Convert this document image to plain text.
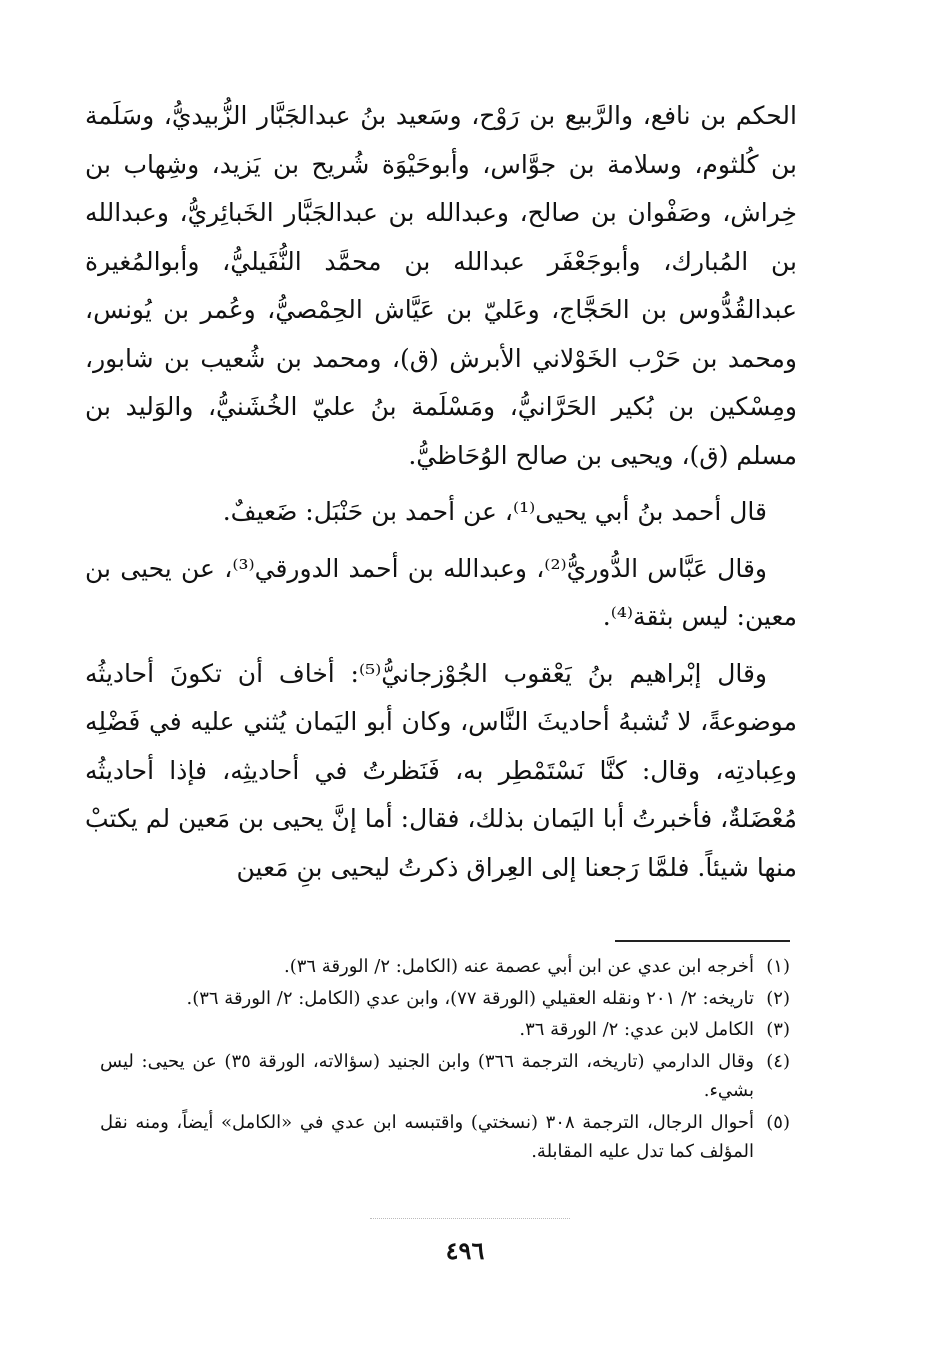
الحكم بن نافع، والرَّبيع بن رَوْح، وسَعيد بنُ عبدالجَبَّار الزُّبيديُّ، وسَلَمة بن كُلثوم، وسلامة بن جوَّاس، وأبوحَيْوَة شُريح بن يَزيد، وشِهاب بن خِراش، وصَفْوان بن صالح، وعبدالله بن عبدالجَبَّار الخَبائِريُّ، وعبدالله بن المُبارك، وأبوجَعْفَر عبدالله بن محمَّد النُّفَيليُّ، وأبوالمُغيرة عبدالقُدُّوس بن الحَجَّاج، وعَليّ بن عَيَّاش الحِمْصيُّ، وعُمر بن يُونس، ومحمد بن حَرْب الخَوْلاني الأبرش (ق)، ومحمد بن شُعيب بن شابور، ومِسْكين بن بُكير الحَرَّانيُّ، ومَسْلَمة بنُ عليّ الخُشَنيُّ، والوَليد بن مسلم (ق)، ويحيى بن صالح الوُحَاظيُّ.

قال أحمد بنُ أبي يحيى⁽¹⁾، عن أحمد بن حَنْبَل: ضَعيفٌ.

وقال عَبَّاس الدُّوريُّ⁽²⁾، وعبدالله بن أحمد الدورقي⁽³⁾، عن يحيى بن معين: ليس بثقة⁽⁴⁾.

وقال إبْراهيم بنُ يَعْقوب الجُوْزجانيُّ⁽⁵⁾: أخاف أن تكونَ أحاديثُه موضوعةً، لا تُشبهُ أحاديثَ النَّاس، وكان أبو اليَمان يُثني عليه في فَضْلِه وعِبادتِه، وقال: كنَّا نَسْتَمْطِر به، فَنَظرتُ في أحاديثِه، فإذا أحاديثُه مُعْضَلةٌ، فأخبرتُ أبا اليَمان بذلك، فقال: أما إنَّ يحيى بن مَعين لم يكتبْ منها شيئاً. فلمَّا رَجعنا إلى العِراق ذكرتُ ليحيى بنِ مَعين

(١)
أخرجه ابن عدي عن ابن أبي عصمة عنه (الكامل: ٢/ الورقة ٣٦).
(٢)
تاريخه: ٢/ ٢٠١ ونقله العقيلي (الورقة ٧٧)، وابن عدي (الكامل: ٢/ الورقة ٣٦).
(٣)
الكامل لابن عدي: ٢/ الورقة ٣٦.
(٤)
وقال الدارمي (تاريخه، الترجمة ٣٦٦) وابن الجنيد (سؤالاته، الورقة ٣٥) عن يحيى: ليس بشيء.
(٥)
أحوال الرجال، الترجمة ٣٠٨ (نسختي) واقتبسه ابن عدي في «الكامل» أيضاً، ومنه نقل المؤلف كما تدل عليه المقابلة.
٤٩٦
